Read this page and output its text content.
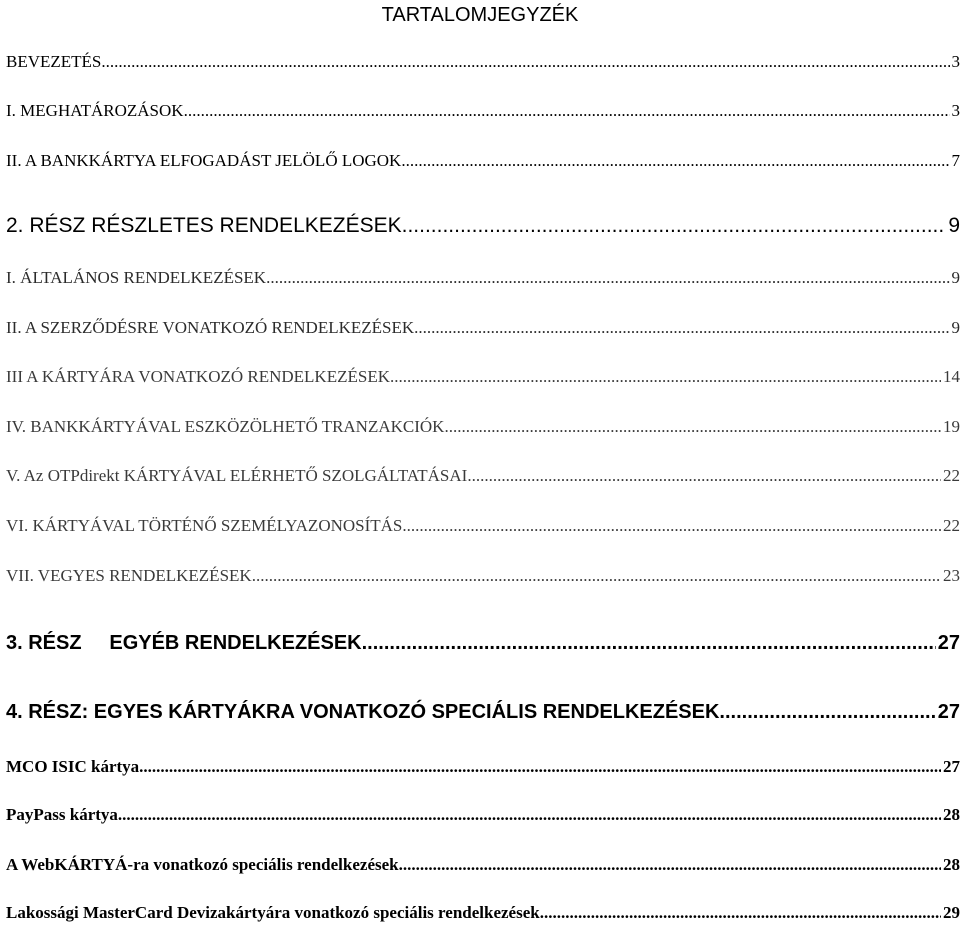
TARTALOMJEGYZÉK
BEVEZETÉS .....	3
I. MEGHATÁROZÁSOK .....	3
II. A BANKKÁRTYA ELFOGADÁST JELÖLŐ LOGOK .....	7
2. RÉSZ RÉSZLETES RENDELKEZÉSEK .....	9
I. ÁLTALÁNOS RENDELKEZÉSEK .....	9
II. A SZERZŐDÉSRE VONATKOZÓ RENDELKEZÉSEK .....	9
III A KÁRTYÁRA VONATKOZÓ RENDELKEZÉSEK .....	14
IV. BANKKÁRTYÁVAL ESZKÖZÖLHETŐ TRANZAKCIÓK .....	19
V. Az OTPdirekt KÁRTYÁVAL ELÉRHETŐ SZOLGÁLTATÁSAI .....	22
VI. KÁRTYÁVAL TÖRTÉNŐ SZEMÉLYAZONOSÍTÁS .....	22
VII. VEGYES RENDELKEZÉSEK .....	23
3. RÉSZ     EGYÉB RENDELKEZÉSEK .....	27
4. RÉSZ: EGYES KÁRTYÁKRA VONATKOZÓ SPECIÁLIS RENDELKEZÉSEK .....	27
MCO ISIC kártya .....	27
PayPass kártya .....	28
A WebKÁRTYÁ-ra vonatkozó speciális rendelkezések .....	28
Lakossági MasterCard Devizakártyára vonatkozó speciális rendelkezések .....	29
